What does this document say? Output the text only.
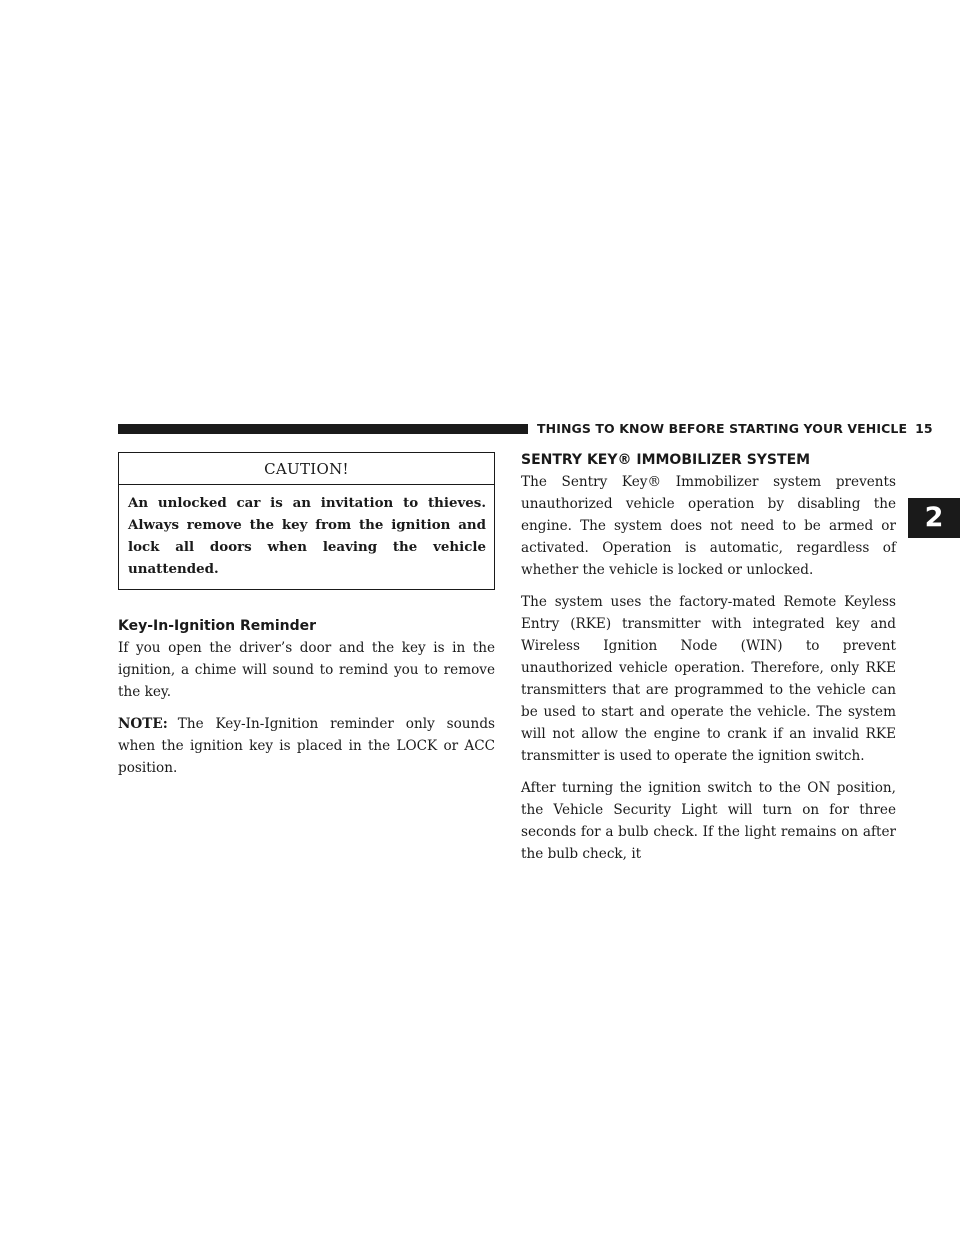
THINGS TO KNOW BEFORE STARTING YOUR VEHICLE 15
2
CAUTION!
An unlocked car is an invitation to thieves. Always remove the key from the ignition and lock all doors when leaving the vehicle unattended.
Key-In-Ignition Reminder

If you open the driver’s door and the key is in the ignition, a chime will sound to remind you to remove the key.

NOTE: The Key-In-Ignition reminder only sounds when the ignition key is placed in the LOCK or ACC position.

SENTRY KEY® IMMOBILIZER SYSTEM

The Sentry Key® Immobilizer system prevents unauthorized vehicle operation by disabling the engine. The system does not need to be armed or activated. Operation is automatic, regardless of whether the vehicle is locked or unlocked.

The system uses the factory-mated Remote Keyless Entry (RKE) transmitter with integrated key and Wireless Ignition Node (WIN) to prevent unauthorized vehicle operation. Therefore, only RKE transmitters that are programmed to the vehicle can be used to start and operate the vehicle. The system will not allow the engine to crank if an invalid RKE transmitter is used to operate the ignition switch.

After turning the ignition switch to the ON position, the Vehicle Security Light will turn on for three seconds for a bulb check. If the light remains on after the bulb check, it
